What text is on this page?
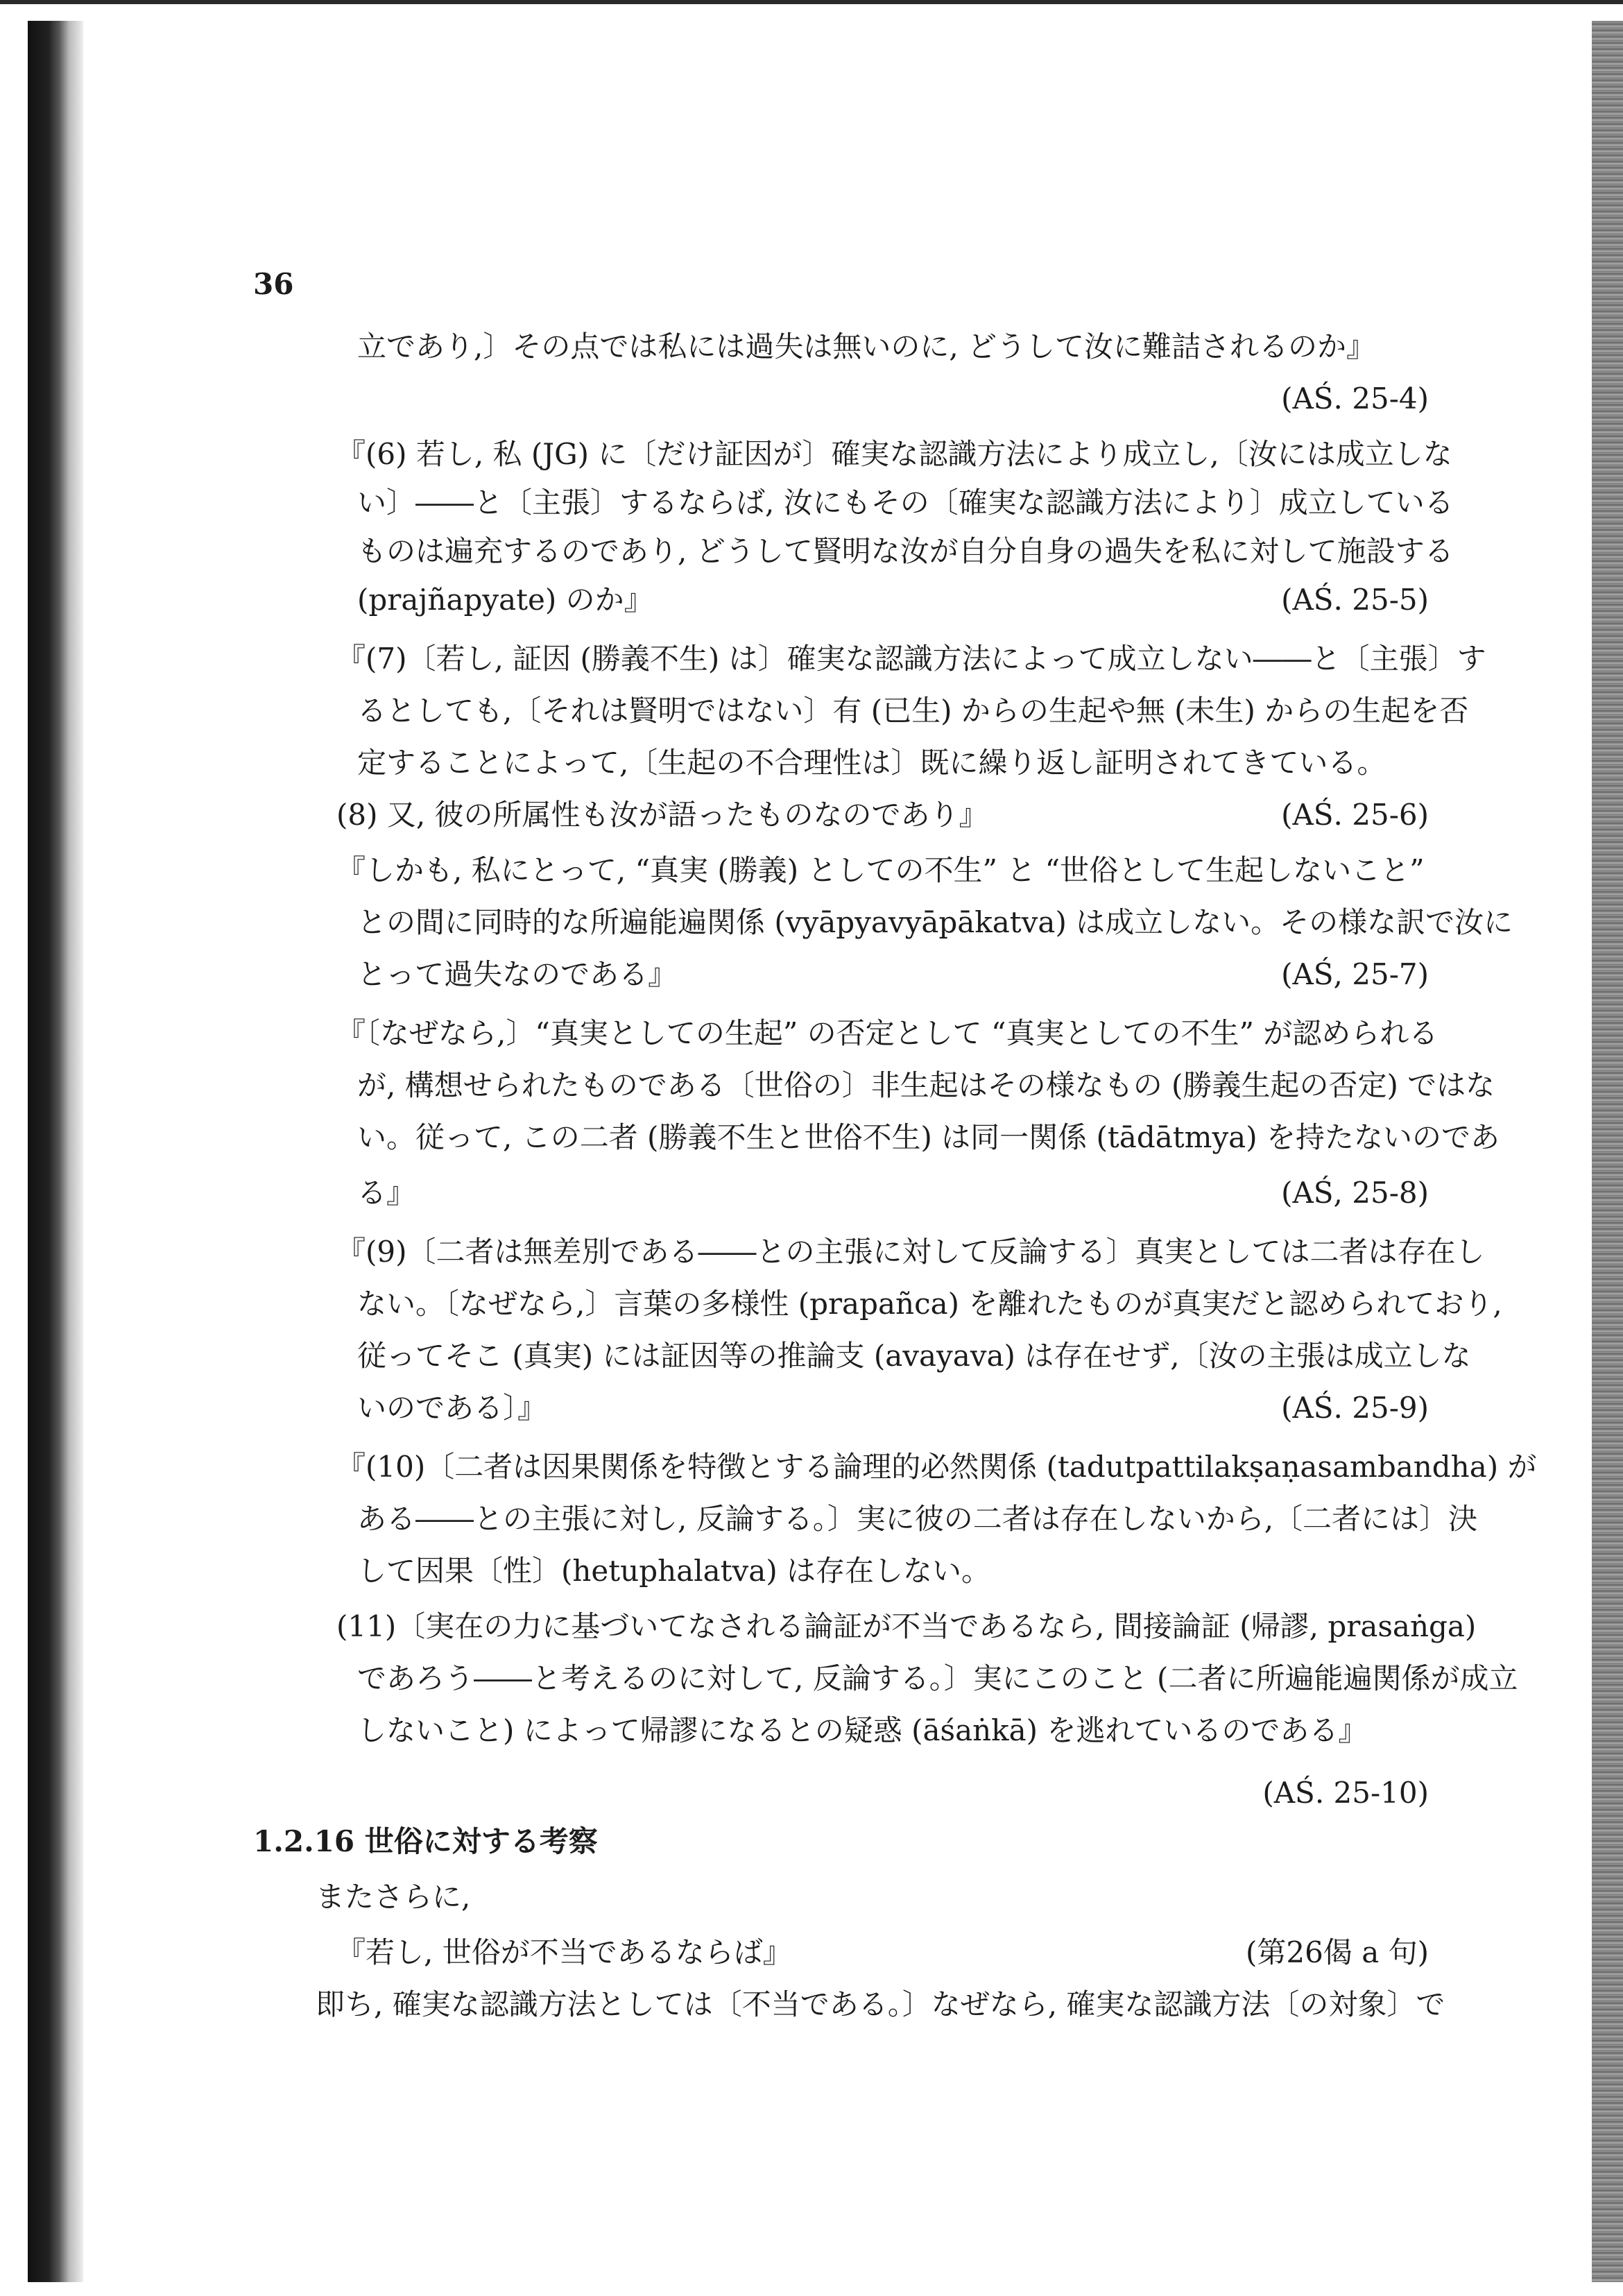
36
立であり,〕その点では私には過失は無いのに, どうして汝に難詰されるのか』
(AŚ. 25-4)
『(6) 若し, 私 (JG) に〔だけ証因が〕確実な認識方法により成立し,〔汝には成立しな
い〕――と〔主張〕するならば, 汝にもその〔確実な認識方法により〕成立している
ものは遍充するのであり, どうして賢明な汝が自分自身の過失を私に対して施設する
(prajñapyate) のか』	(AŚ. 25-5)
『(7)〔若し, 証因 (勝義不生) は〕確実な認識方法によって成立しない――と〔主張〕す
るとしても,〔それは賢明ではない〕有 (已生) からの生起や無 (未生) からの生起を否
定することによって,〔生起の不合理性は〕既に繰り返し証明されてきている。
(8) 又, 彼の所属性も汝が語ったものなのであり』	(AŚ. 25-6)
『しかも, 私にとって, “真実 (勝義) としての不生” と “世俗として生起しないこと”
との間に同時的な所遍能遍関係 (vyāpyavyāpākatva) は成立しない。その様な訳で汝に
とって過失なのである』	(AŚ, 25-7)
『〔なぜなら,〕“真実としての生起” の否定として “真実としての不生” が認められる
が, 構想せられたものである〔世俗の〕非生起はその様なもの (勝義生起の否定) ではな
い。従って, この二者 (勝義不生と世俗不生) は同一関係 (tādātmya) を持たないのであ
る』	(AŚ, 25-8)
『(9)〔二者は無差別である――との主張に対して反論する〕真実としては二者は存在し
ない。〔なぜなら,〕言葉の多様性 (prapañca) を離れたものが真実だと認められており,
従ってそこ (真実) には証因等の推論支 (avayava) は存在せず,〔汝の主張は成立しな
いのである〕』	(AŚ. 25-9)
『(10)〔二者は因果関係を特徴とする論理的必然関係 (tadutpattilakṣaṇasambandha) が
ある――との主張に対し, 反論する。〕実に彼の二者は存在しないから,〔二者には〕決
して因果〔性〕(hetuphalatva) は存在しない。
(11)〔実在の力に基づいてなされる論証が不当であるなら, 間接論証 (帰謬, prasaṅga)
であろう――と考えるのに対して, 反論する。〕実にこのこと (二者に所遍能遍関係が成立
しないこと) によって帰謬になるとの疑惑 (āśaṅkā) を逃れているのである』
(AŚ. 25-10)
1.2.16 世俗に対する考察
またさらに,
『若し, 世俗が不当であるならば』	(第26偈 a 句)
即ち, 確実な認識方法としては〔不当である。〕なぜなら, 確実な認識方法〔の対象〕で
